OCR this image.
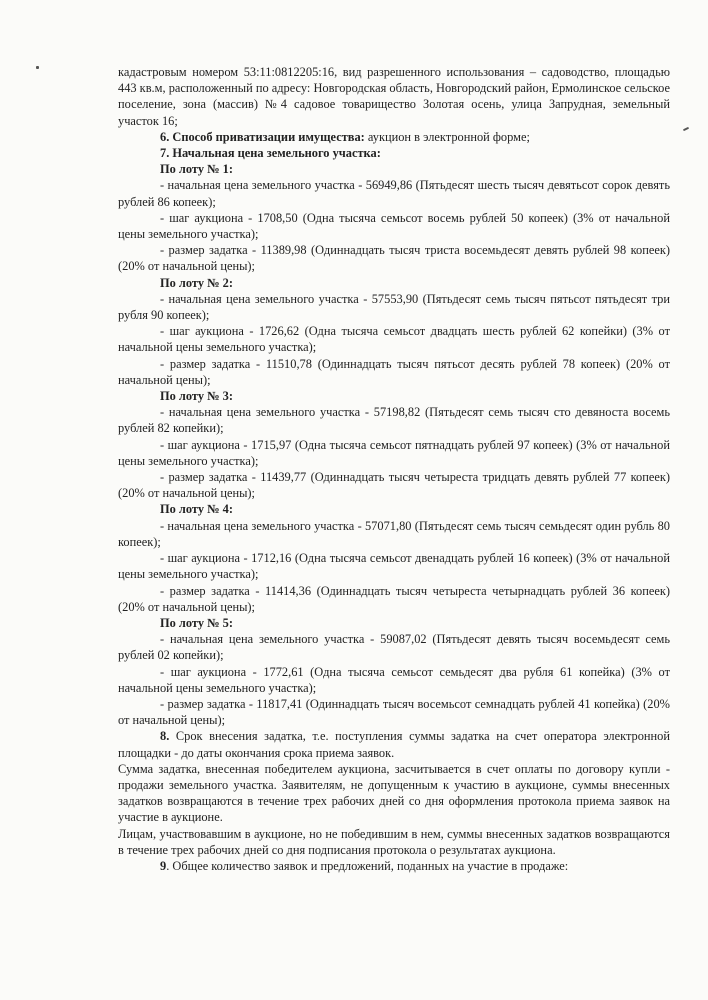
кадастровым номером 53:11:0812205:16, вид разрешенного использования – садоводство, площадью 443 кв.м, расположенный по адресу: Новгородская область, Новгородский район, Ермолинское сельское поселение, зона (массив) №4 садовое товарищество Золотая осень, улица Запрудная, земельный участок 16;

6. Способ приватизации имущества: аукцион в электронной форме;

7. Начальная цена земельного участка:

По лоту № 1:

- начальная цена земельного участка - 56949,86 (Пятьдесят шесть тысяч девятьсот сорок девять рублей 86 копеек);

- шаг аукциона - 1708,50 (Одна тысяча семьсот восемь рублей 50 копеек) (3% от начальной цены земельного участка);

- размер задатка - 11389,98 (Одиннадцать тысяч триста восемьдесят девять рублей 98 копеек) (20% от начальной цены);

По лоту № 2:

- начальная цена земельного участка - 57553,90 (Пятьдесят семь тысяч пятьсот пятьдесят три рубля 90 копеек);

- шаг аукциона - 1726,62 (Одна тысяча семьсот двадцать шесть рублей 62 копейки) (3% от начальной цены земельного участка);

- размер задатка - 11510,78 (Одиннадцать тысяч пятьсот десять рублей 78 копеек) (20% от начальной цены);

По лоту № 3:

- начальная цена земельного участка - 57198,82 (Пятьдесят семь тысяч сто девяноста восемь рублей 82 копейки);

- шаг аукциона - 1715,97 (Одна тысяча семьсот пятнадцать рублей 97 копеек) (3% от начальной цены земельного участка);

- размер задатка - 11439,77 (Одиннадцать тысяч четыреста тридцать девять рублей 77 копеек) (20% от начальной цены);

По лоту № 4:

- начальная цена земельного участка - 57071,80 (Пятьдесят семь тысяч семьдесят один рубль 80 копеек);

- шаг аукциона - 1712,16 (Одна тысяча семьсот двенадцать рублей 16 копеек) (3% от начальной цены земельного участка);

- размер задатка - 11414,36 (Одиннадцать тысяч четыреста четырнадцать рублей 36 копеек) (20% от начальной цены);

По лоту № 5:

- начальная цена земельного участка - 59087,02 (Пятьдесят девять тысяч восемьдесят семь рублей 02 копейки);

- шаг аукциона - 1772,61 (Одна тысяча семьсот семьдесят два рубля 61 копейка) (3% от начальной цены земельного участка);

- размер задатка - 11817,41 (Одиннадцать тысяч восемьсот семнадцать рублей 41 копейка) (20% от начальной цены);

8. Срок внесения задатка, т.е. поступления суммы задатка на счет оператора электронной площадки - до даты окончания срока приема заявок.

Сумма задатка, внесенная победителем аукциона, засчитывается в счет оплаты по договору купли - продажи земельного участка. Заявителям, не допущенным к участию в аукционе, суммы внесенных задатков возвращаются в течение трех рабочих дней со дня оформления протокола приема заявок на участие в аукционе.

Лицам, участвовавшим в аукционе, но не победившим в нем, суммы внесенных задатков возвращаются в течение трех рабочих дней со дня подписания протокола о результатах аукциона.

9. Общее количество заявок и предложений, поданных на участие в продаже:
